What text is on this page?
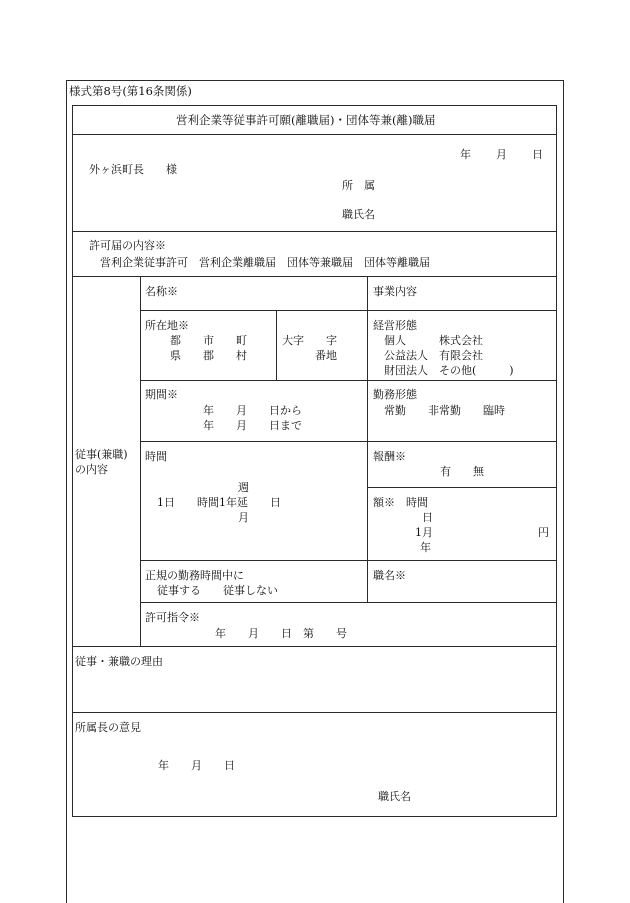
様式第8号(第16条関係)
営利企業等従事許可願(離職届)・団体等兼(離)職届
年 月 日
外ヶ浜町長　　様
所　属
職氏名
許可届の内容※
営利企業従事許可　営利企業離職届　団体等兼職届　団体等離職届
従事(兼職)
の内容
名称※	事業内容
所在地※
都　　市　　町
県　　郡　　村
大字　　字
番地
経営形態
個人　　　株式会社
公益法人　有限会社
財団法人　その他(　　　)
期間※
年　　月　　日から
年　　月　　日まで
勤務形態
常勤　　非常勤　　臨時
時間
週
1日　　時間1年延　　日
月
報酬※
有　　無
額※　時間
日
1月	円
年
正規の勤務時間中に
従事する　　従事しない
職名※
許可指令※
年　　月　　日　第　　号
従事・兼職の理由
所属長の意見
年　　月　　日
職氏名
